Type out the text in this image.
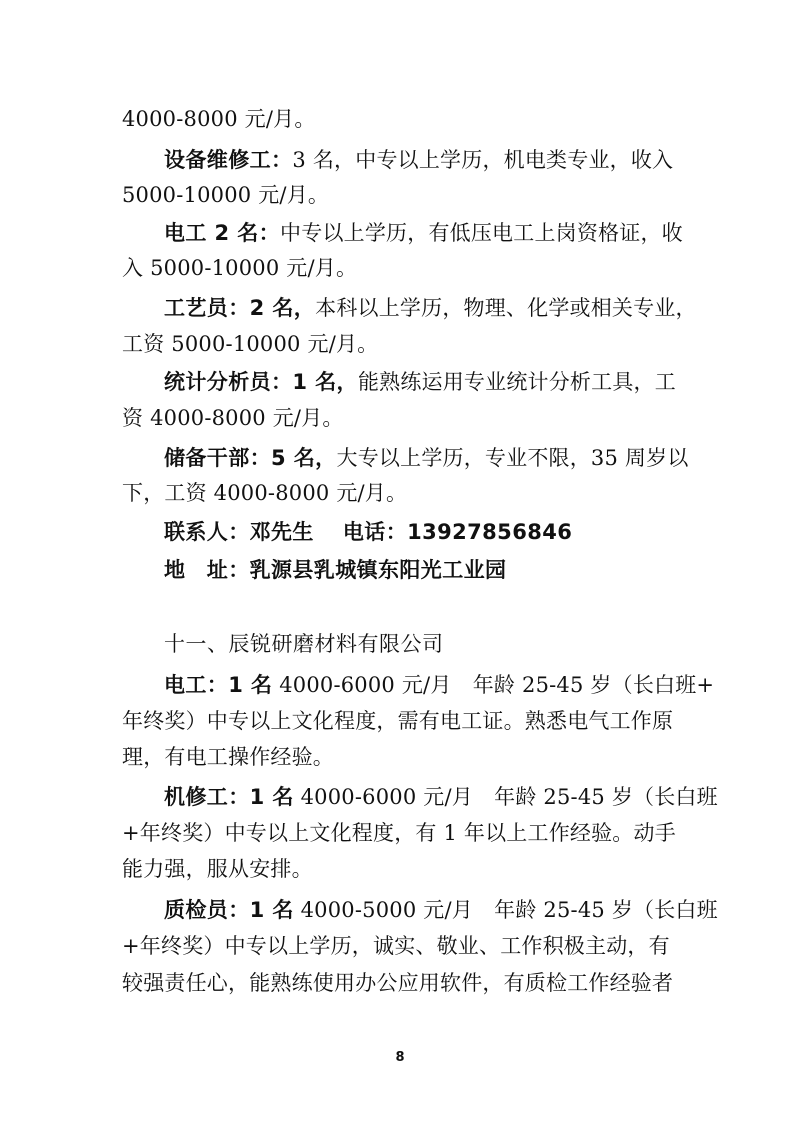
4000-8000 元/月。
设备维修工：3 名，中专以上学历，机电类专业，收入
5000-10000 元/月。
电工 2 名：中专以上学历，有低压电工上岗资格证，收
入 5000-10000 元/月。
工艺员：2 名，本科以上学历，物理、化学或相关专业，
工资 5000-10000 元/月。
统计分析员：1 名，能熟练运用专业统计分析工具，工
资 4000-8000 元/月。
储备干部：5 名，大专以上学历，专业不限，35 周岁以
下，工资 4000-8000 元/月。
联系人：邓先生　 电话：13927856846
地　址：乳源县乳城镇东阳光工业园
十一、辰锐研磨材料有限公司
电工：1 名 4000-6000 元/月　年龄 25-45 岁（长白班+
年终奖）中专以上文化程度，需有电工证。熟悉电气工作原
理，有电工操作经验。
机修工：1 名 4000-6000 元/月　年龄 25-45 岁（长白班
+年终奖）中专以上文化程度，有 1 年以上工作经验。动手
能力强，服从安排。
质检员：1 名 4000-5000 元/月　年龄 25-45 岁（长白班
+年终奖）中专以上学历，诚实、敬业、工作积极主动，有
较强责任心，能熟练使用办公应用软件，有质检工作经验者
8
